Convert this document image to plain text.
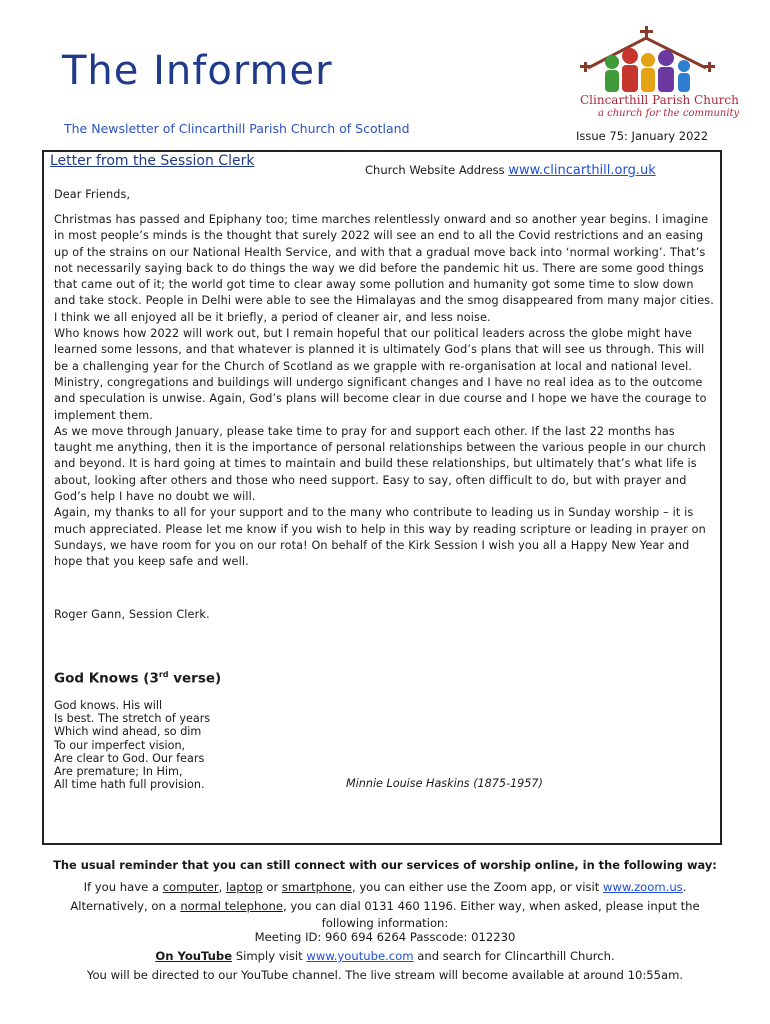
The Informer
The Newsletter of Clincarthill Parish Church of Scotland
Clincarthill Parish Church
a church for the community
Issue 75: January 2022
Letter from the Session Clerk
Church Website Address www.clincarthill.org.uk
Dear Friends,

Christmas has passed and Epiphany too; time marches relentlessly onward and so another year begins. I imagine in most people’s minds is the thought that surely 2022 will see an end to all the Covid restrictions and an easing up of the strains on our National Health Service, and with that a gradual move back into ‘normal working’. That’s not necessarily saying back to do things the way we did before the pandemic hit us. There are some good things that came out of it; the world got time to clear away some pollution and humanity got some time to slow down and take stock. People in Delhi were able to see the Himalayas and the smog disappeared from many major cities. I think we all enjoyed all be it briefly, a period of cleaner air, and less noise.

Who knows how 2022 will work out, but I remain hopeful that our political leaders across the globe might have learned some lessons, and that whatever is planned it is ultimately God’s plans that will see us through. This will be a challenging year for the Church of Scotland as we grapple with re-organisation at local and national level. Ministry, congregations and buildings will undergo significant changes and I have no real idea as to the outcome and speculation is unwise. Again, God’s plans will become clear in due course and I hope we have the courage to implement them.

As we move through January, please take time to pray for and support each other. If the last 22 months has taught me anything, then it is the importance of personal relationships between the various people in our church and beyond. It is hard going at times to maintain and build these relationships, but ultimately that’s what life is about, looking after others and those who need support. Easy to say, often difficult to do, but with prayer and God’s help I have no doubt we will.

Again, my thanks to all for your support and to the many who contribute to leading us in Sunday worship – it is much appreciated. Please let me know if you wish to help in this way by reading scripture or leading in prayer on Sundays, we have room for you on our rota! On behalf of the Kirk Session I wish you all a Happy New Year and hope that you keep safe and well.

Roger Gann, Session Clerk.
God Knows (3rd verse)
God knows. His will
Is best. The stretch of years
Which wind ahead, so dim
To our imperfect vision,
Are clear to God. Our fears
Are premature; In Him,
All time hath full provision.	Minnie Louise Haskins (1875-1957)
The usual reminder that you can still connect with our services of worship online, in the following way:
If you have a computer, laptop or smartphone, you can either use the Zoom app, or visit www.zoom.us.
Alternatively, on a normal telephone, you can dial 0131 460 1196. Either way, when asked, please input the following information:
Meeting ID: 960 694 6264 Passcode: 012230
On YouTube Simply visit www.youtube.com and search for Clincarthill Church.
You will be directed to our YouTube channel. The live stream will become available at around 10:55am.
